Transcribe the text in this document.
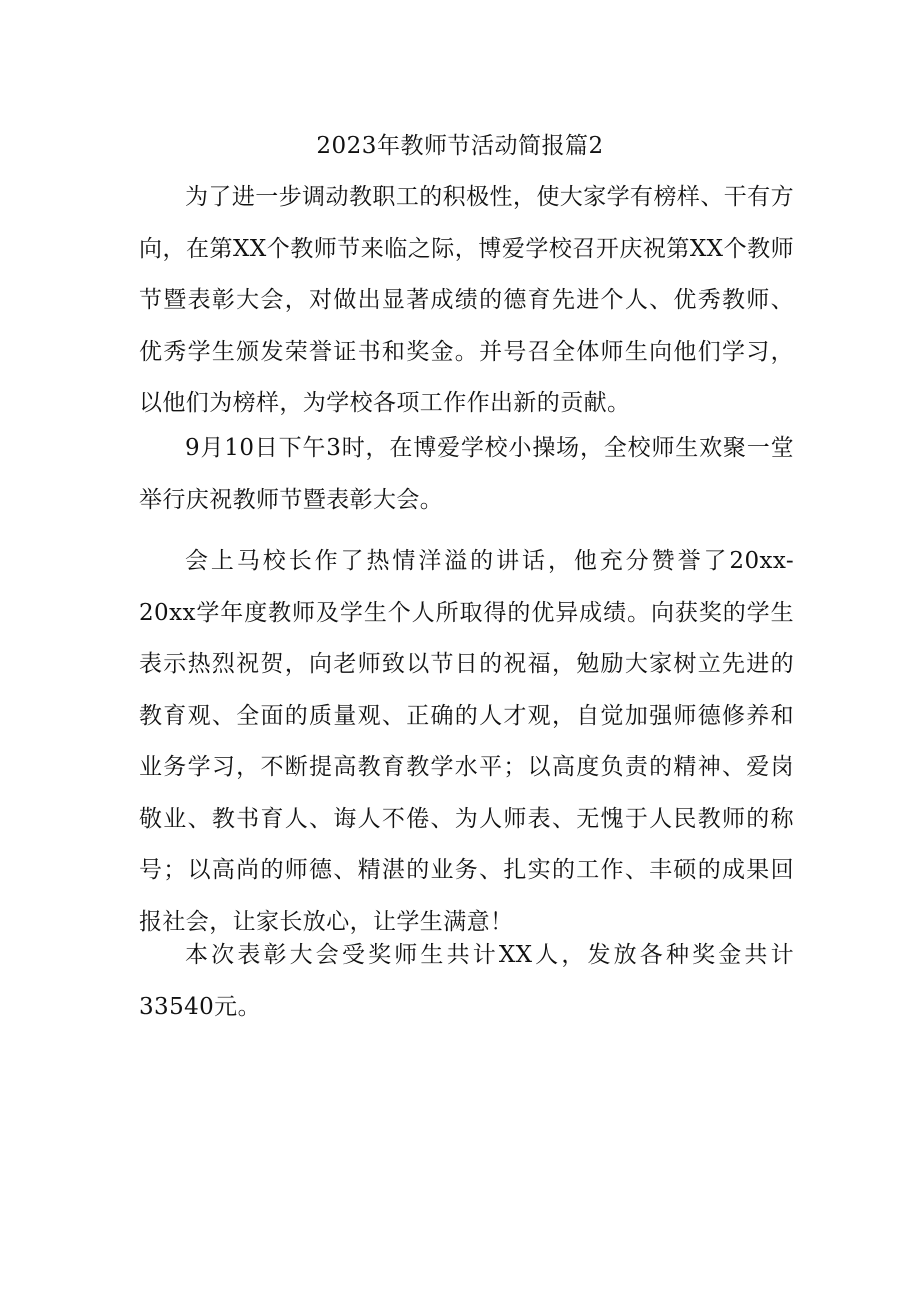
2023年教师节活动简报篇2

为了进一步调动教职工的积极性，使大家学有榜样、干有方向，在第XX个教师节来临之际，博爱学校召开庆祝第XX个教师节暨表彰大会，对做出显著成绩的德育先进个人、优秀教师、优秀学生颁发荣誉证书和奖金。并号召全体师生向他们学习，以他们为榜样，为学校各项工作作出新的贡献。

9月10日下午3时，在博爱学校小操场，全校师生欢聚一堂举行庆祝教师节暨表彰大会。

会上马校长作了热情洋溢的讲话，他充分赞誉了20xx-20xx学年度教师及学生个人所取得的优异成绩。向获奖的学生表示热烈祝贺，向老师致以节日的祝福，勉励大家树立先进的教育观、全面的质量观、正确的人才观，自觉加强师德修养和业务学习，不断提高教育教学水平；以高度负责的精神、爱岗敬业、教书育人、诲人不倦、为人师表、无愧于人民教师的称号；以高尚的师德、精湛的业务、扎实的工作、丰硕的成果回报社会，让家长放心，让学生满意！

本次表彰大会受奖师生共计XX人，发放各种奖金共计33540元。
